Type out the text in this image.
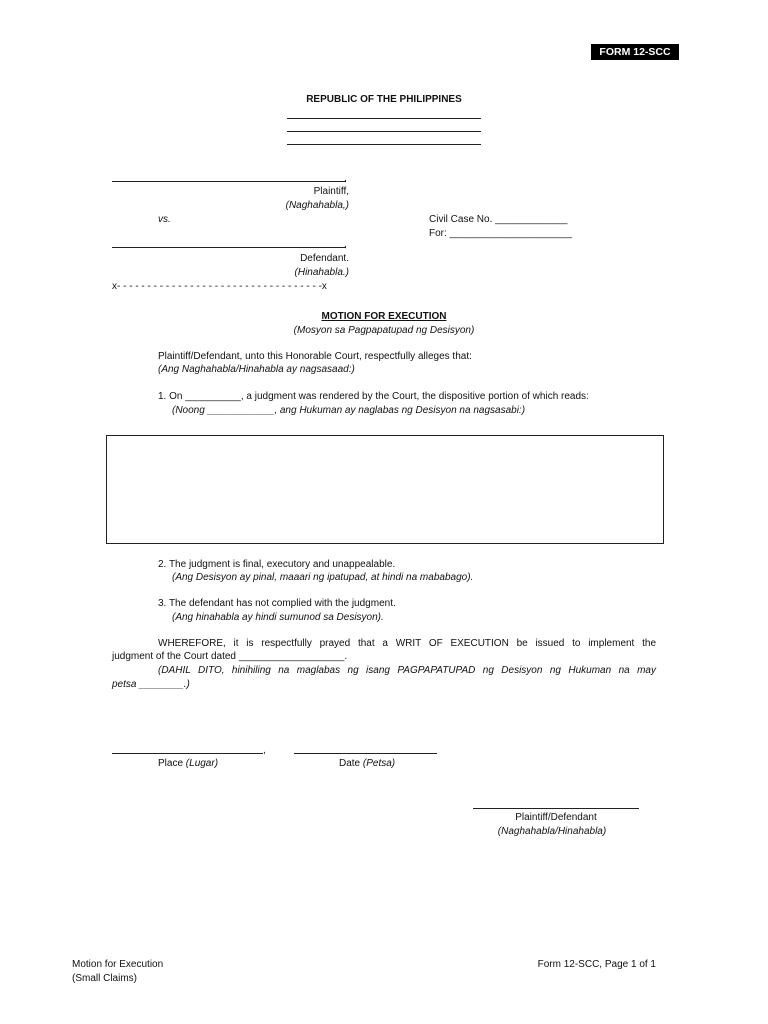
FORM 12-SCC
REPUBLIC OF THE PHILIPPINES
,
Plaintiff,
(Naghahabla,)
vs.	Civil Case No. _____________
For: ______________________
,
Defendant.
(Hinahabla.)
x- - - - - - - - - - - - - - - - - - - - - - - - - - - - - - - - - -x
MOTION FOR EXECUTION
(Mosyon sa Pagpapatupad ng Desisyon)
Plaintiff/Defendant, unto this Honorable Court, respectfully alleges that:
(Ang Naghahabla/Hinahabla ay nagsasaad:)
1. On __________, a judgment was rendered by the Court, the dispositive portion of which reads:
(Noong ____________, ang Hukuman ay naglabas ng Desisyon na nagsasabi:)
2. The judgment is final, executory and unappealable.
(Ang Desisyon ay pinal, maaari ng ipatupad, at hindi na mababago).
3. The defendant has not complied with the judgment.
(Ang hinahabla ay hindi sumunod sa Desisyon).
WHEREFORE, it is respectfully prayed that a WRIT OF EXECUTION be issued to implement the
judgment of the Court dated ___________________.
(DAHIL DITO, hinihiling na maglabas ng isang PAGPAPATUPAD ng Desisyon ng Hukuman na may
petsa ________.)
,
Place (Lugar)	Date (Petsa)
Plaintiff/Defendant
(Naghahabla/Hinahabla)
Motion for Execution
(Small Claims)
Form 12-SCC, Page 1 of 1
